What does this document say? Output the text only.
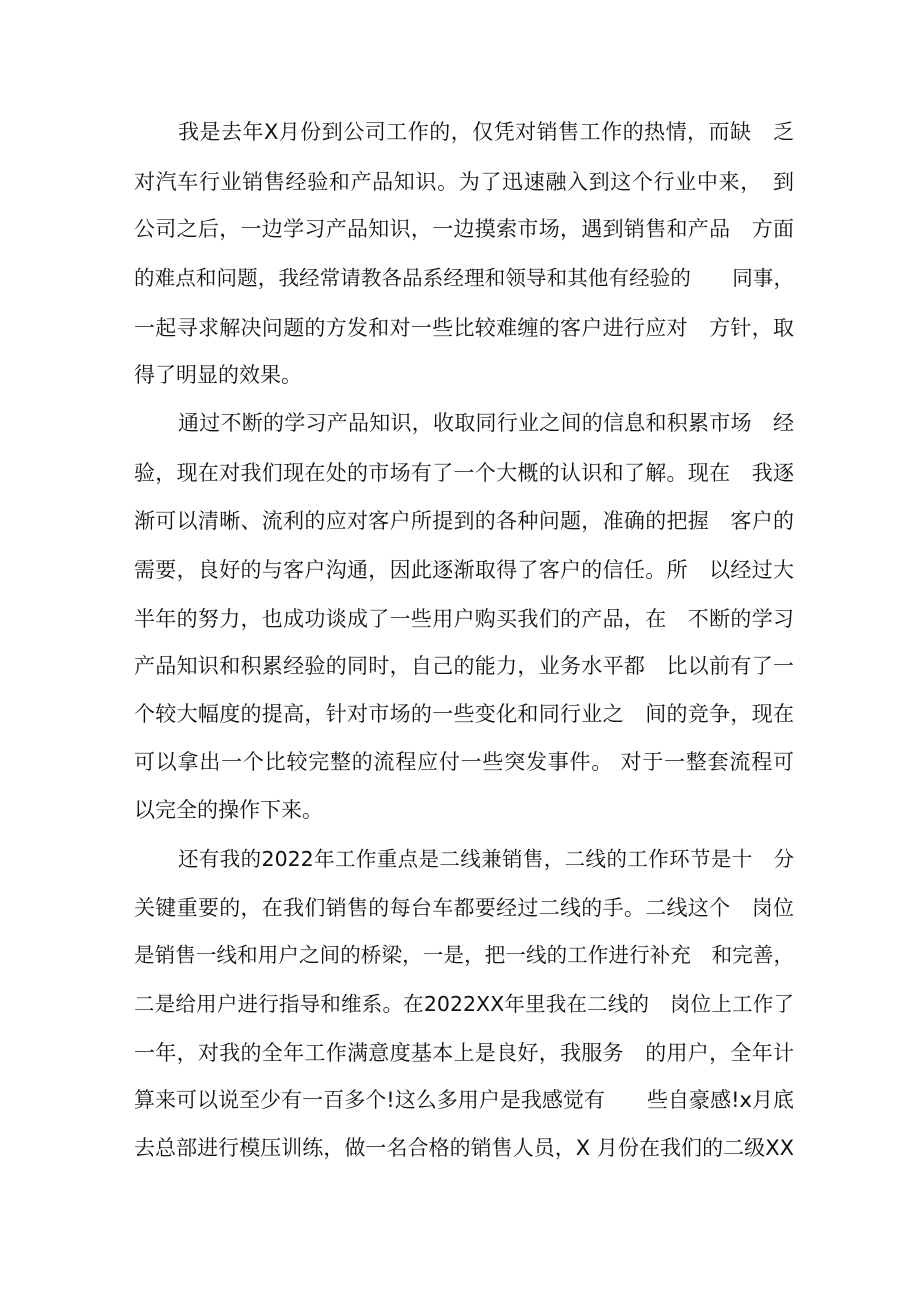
我是去年X月份到公司工作的，仅凭对销售工作的热情，而缺　乏
对汽车行业销售经验和产品知识。为了迅速融入到这个行业中来，　到
公司之后，一边学习产品知识，一边摸索市场，遇到销售和产品　方面
的难点和问题，我经常请教各品系经理和领导和其他有经验的　　同事，
一起寻求解决问题的方发和对一些比较难缠的客户进行应对　方针，取
得了明显的效果。
通过不断的学习产品知识，收取同行业之间的信息和积累市场　经
验，现在对我们现在处的市场有了一个大概的认识和了解。现在　我逐
渐可以清晰、流利的应对客户所提到的各种问题，准确的把握　客户的
需要，良好的与客户沟通，因此逐渐取得了客户的信任。所　以经过大
半年的努力，也成功谈成了一些用户购买我们的产品，在　不断的学习
产品知识和积累经验的同时，自己的能力，业务水平都　比以前有了一
个较大幅度的提高，针对市场的一些变化和同行业之　间的竞争，现在
可以拿出一个比较完整的流程应付一些突发事件。 对于一整套流程可
以完全的操作下来。
还有我的2022年工作重点是二线兼销售，二线的工作环节是十　分
关键重要的，在我们销售的每台车都要经过二线的手。二线这个　岗位
是销售一线和用户之间的桥梁，一是，把一线的工作进行补充　和完善，
二是给用户进行指导和维系。在2022XX年里我在二线的　岗位上工作了
一年，对我的全年工作满意度基本上是良好，我服务　的用户，全年计
算来可以说至少有一百多个!这么多用户是我感觉有　　些自豪感!x月底
去总部进行模压训练，做一名合格的销售人员，X 月份在我们的二级XX
